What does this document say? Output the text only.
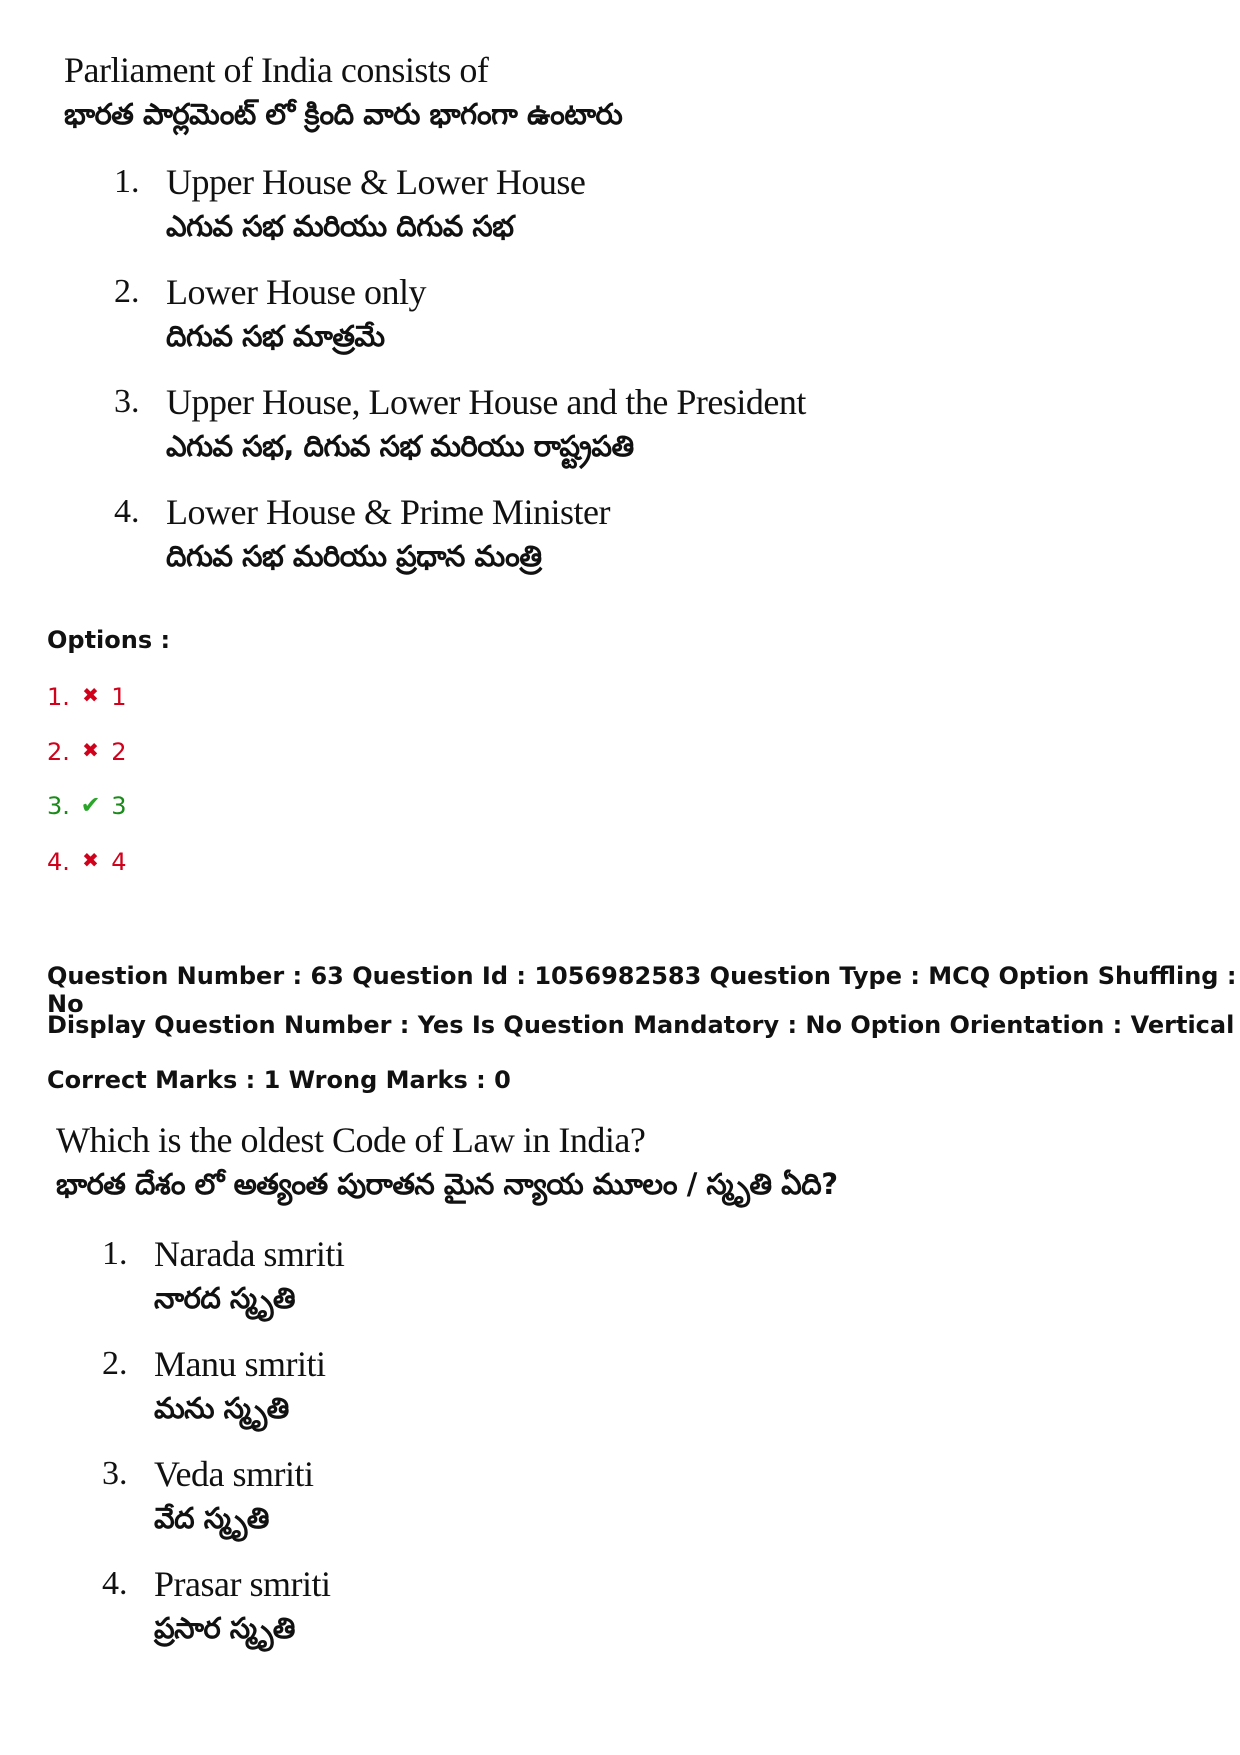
Parliament of India consists of
భారత పార్లమెంట్ లో క్రింది వారు భాగంగా ఉంటారు
1. Upper House & Lower House
ఎగువ సభ మరియు దిగువ సభ
2. Lower House only
దిగువ సభ మాత్రమే
3. Upper House, Lower House and the President
ఎగువ సభ, దిగువ సభ మరియు రాష్ట్రపతి
4. Lower House & Prime Minister
దిగువ సభ మరియు ప్రధాన మంత్రి
Options :
1. ✖ 1
2. ✖ 2
3. ✔ 3
4. ✖ 4
Question Number : 63 Question Id : 1056982583 Question Type : MCQ Option Shuffling : No
Display Question Number : Yes Is Question Mandatory : No Option Orientation : Vertical
Correct Marks : 1 Wrong Marks : 0
Which is the oldest Code of Law in India?
భారత దేశం లో అత్యంత పురాతన మైన న్యాయ మూలం / స్మృతి ఏది?
1. Narada smriti
నారద స్మృతి
2. Manu smriti
మను స్మృతి
3. Veda smriti
వేద స్మృతి
4. Prasar smriti
ప్రసార స్మృతి
